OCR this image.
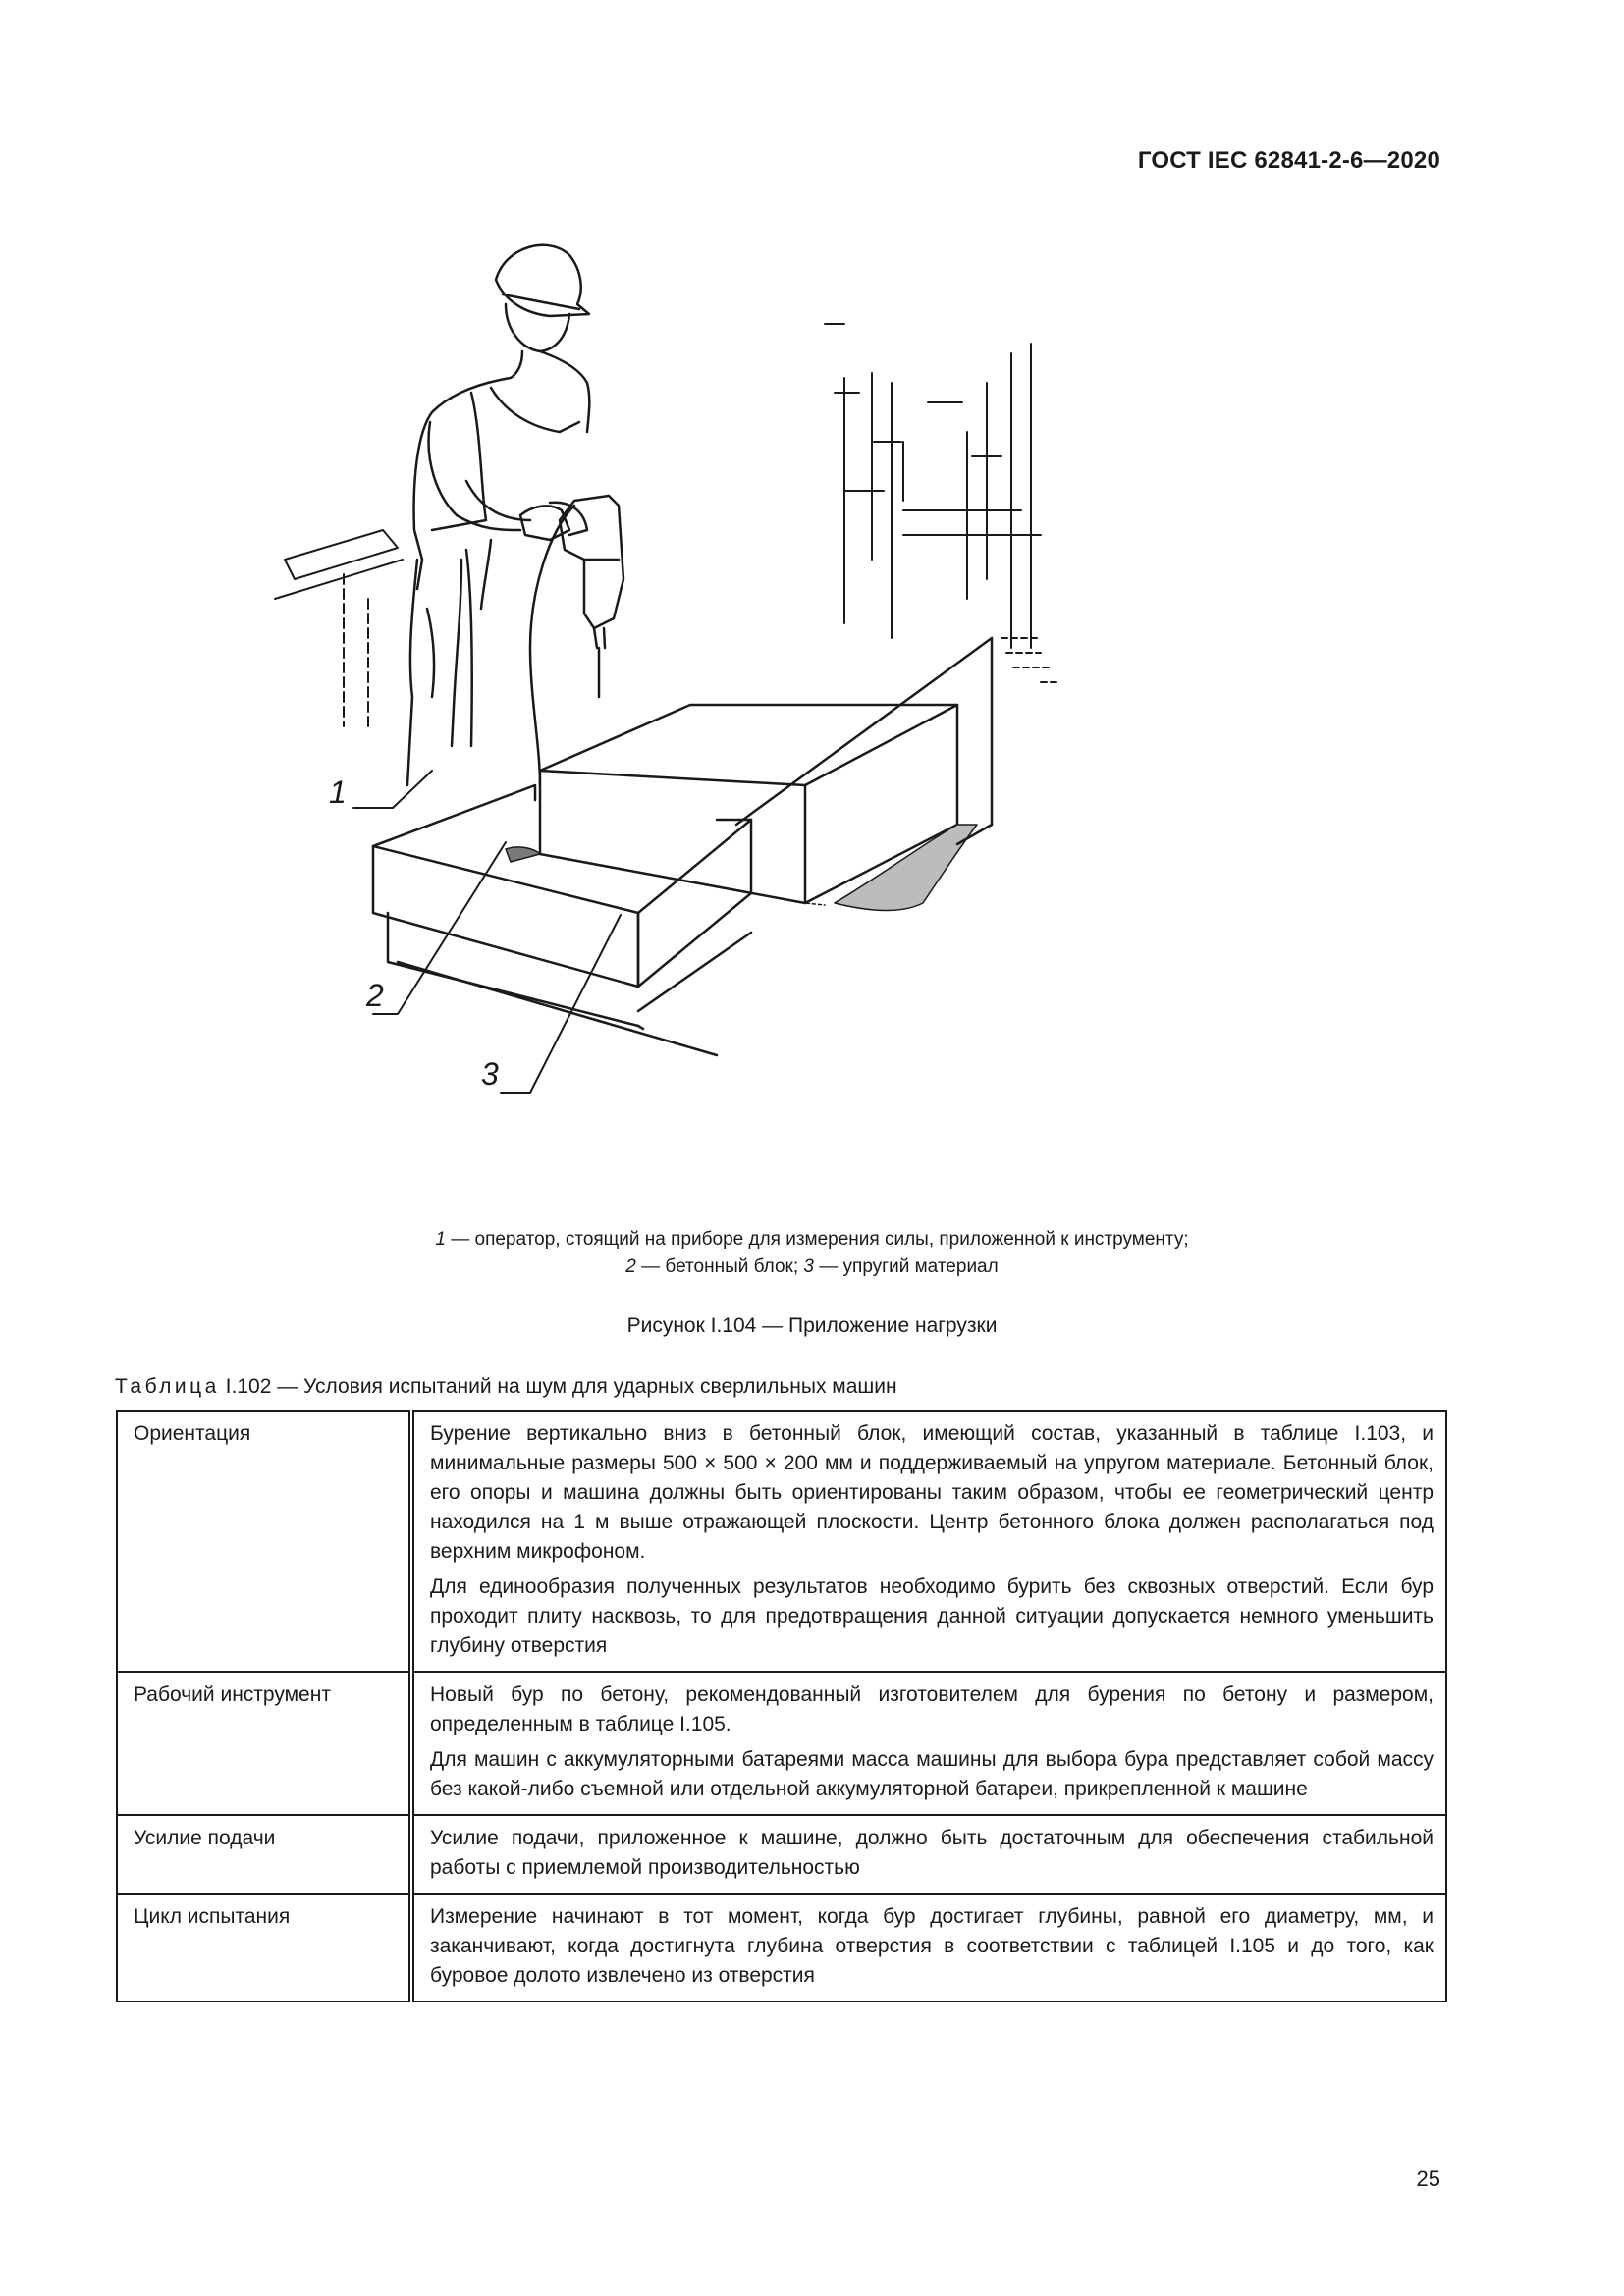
ГОСТ IEC 62841-2-6—2020
1
2
3
1 — оператор, стоящий на приборе для измерения силы, приложенной к инструменту;
2 — бетонный блок; 3 — упругий материал
Рисунок I.104 — Приложение нагрузки
Таблица I.102 — Условия испытаний на шум для ударных сверлильных машин
Ориентация	Бурение вертикально вниз в бетонный блок, имеющий состав, указанный в таблице I.103, и минимальные размеры 500 × 500 × 200 мм и поддерживаемый на упругом материале. Бетонный блок, его опоры и машина должны быть ориентированы таким образом, чтобы ее геометрический центр находился на 1 м выше отражающей плоскости. Центр бетонного блока должен располагаться под верхним микрофоном.

Для единообразия полученных результатов необходимо бурить без сквозных отверстий. Если бур проходит плиту насквозь, то для предотвращения данной ситуации допускается немного уменьшить глубину отверстия

Рабочий инструмент	Новый бур по бетону, рекомендованный изготовителем для бурения по бетону и размером, определенным в таблице I.105.

Для машин с аккумуляторными батареями масса машины для выбора бура представляет собой массу без какой-либо съемной или отдельной аккумуляторной батареи, прикрепленной к машине

Усилие подачи	Усилие подачи, приложенное к машине, должно быть достаточным для обеспечения стабильной работы с приемлемой производительностью

Цикл испытания	Измерение начинают в тот момент, когда бур достигает глубины, равной его диаметру, мм, и заканчивают, когда достигнута глубина отверстия в соответствии с таблицей I.105 и до того, как буровое долото извлечено из отверстия

25
